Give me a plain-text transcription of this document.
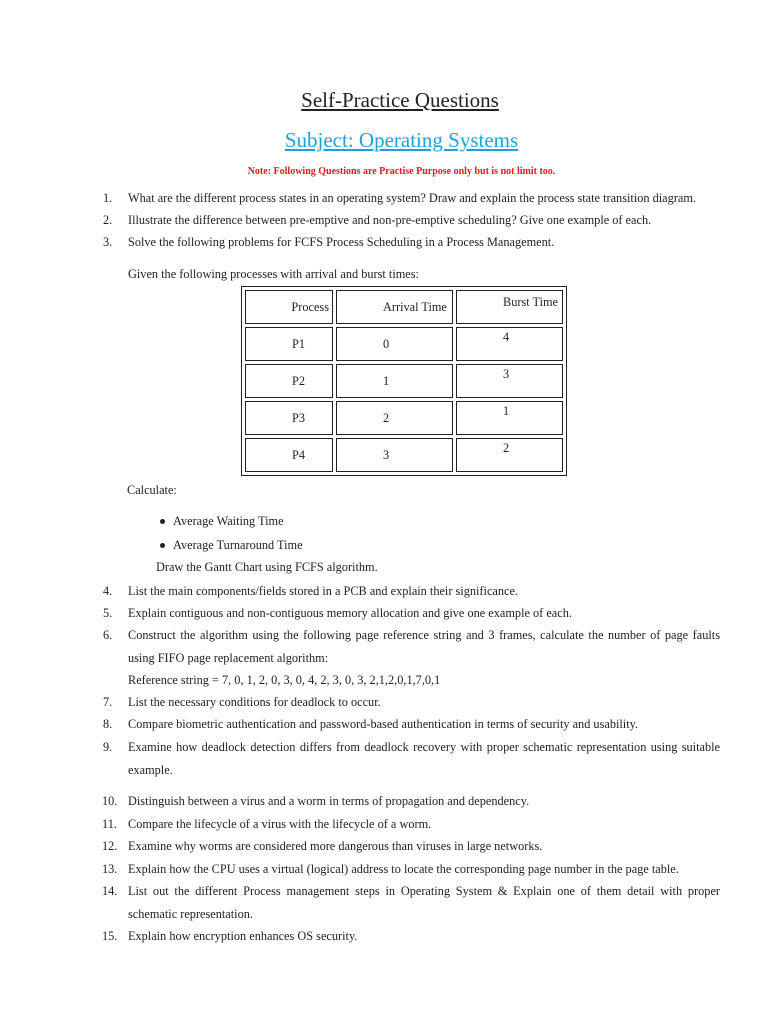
Self-Practice Questions
Subject: Operating Systems
Note: Following Questions are Practise Purpose only but is not limit too.
1. What are the different process states in an operating system? Draw and explain the process state transition diagram.
2. Illustrate the difference between pre-emptive and non-pre-emptive scheduling? Give one example of each.
3. Solve the following problems for FCFS Process Scheduling in a Process Management.
Given the following processes with arrival and burst times:
Process	Arrival Time	Burst Time
P1	0	4
P2	1	3
P3	2	1
P4	3	2
Calculate:
Average Waiting Time
Average Turnaround Time
Draw the Gantt Chart using FCFS algorithm.
4. List the main components/fields stored in a PCB and explain their significance.
5. Explain contiguous and non-contiguous memory allocation and give one example of each.
6. Construct the algorithm using the following page reference string and 3 frames, calculate the number of page faults using FIFO page replacement algorithm:
Reference string = 7, 0, 1, 2, 0, 3, 0, 4, 2, 3, 0, 3, 2,1,2,0,1,7,0,1
7. List the necessary conditions for deadlock to occur.
8. Compare biometric authentication and password-based authentication in terms of security and usability.
9. Examine how deadlock detection differs from deadlock recovery with proper schematic representation using suitable example.
10. Distinguish between a virus and a worm in terms of propagation and dependency.
11. Compare the lifecycle of a virus with the lifecycle of a worm.
12. Examine why worms are considered more dangerous than viruses in large networks.
13. Explain how the CPU uses a virtual (logical) address to locate the corresponding page number in the page table.
14. List out the different Process management steps in Operating System & Explain one of them detail with proper schematic representation.
15. Explain how encryption enhances OS security.
